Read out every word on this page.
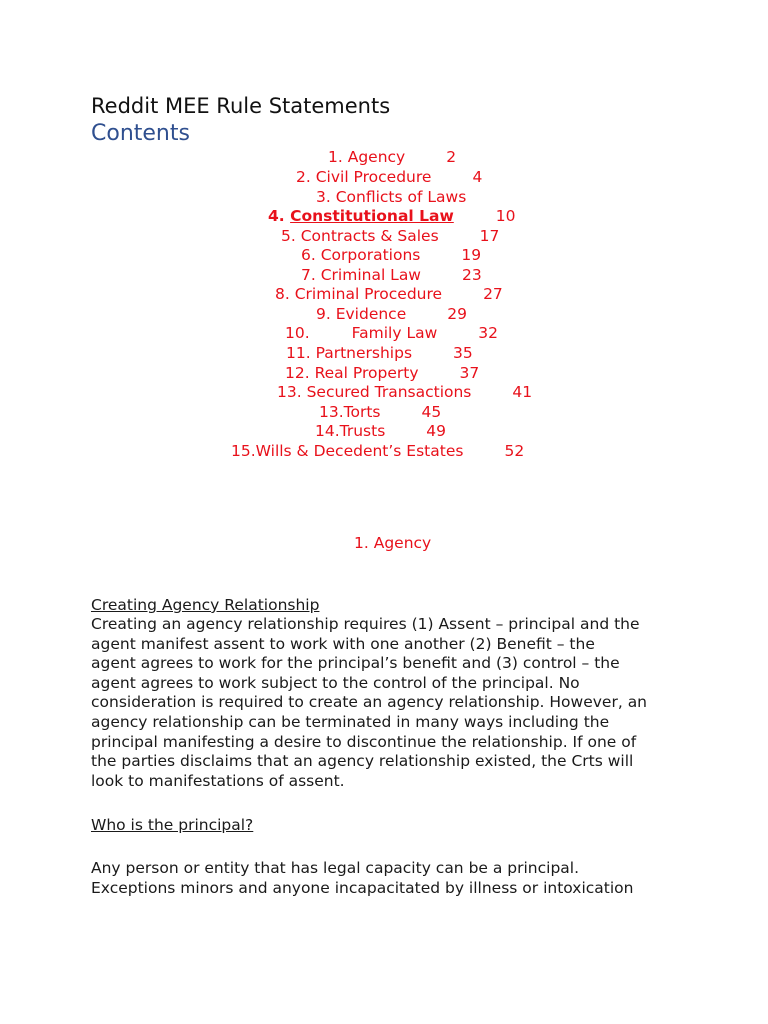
Reddit MEE Rule Statements
Contents
1. Agency	2
2. Civil Procedure	4
3. Conflicts of Laws
4. Constitutional Law	10
5. Contracts & Sales	17
6. Corporations	19
7. Criminal Law	23
8. Criminal Procedure	27
9. Evidence	29
10.	Family Law	32
11. Partnerships	35
12. Real Property	37
13. Secured Transactions	41
13.Torts	45
14.Trusts	49
15.Wills & Decedent’s Estates	52
1. Agency
Creating Agency Relationship

Creating an agency relationship requires (1) Assent – principal and the
agent manifest assent to work with one another (2) Benefit – the
agent agrees to work for the principal’s benefit and (3) control – the
agent agrees to work subject to the control of the principal. No
consideration is required to create an agency relationship. However, an
agency relationship can be terminated in many ways including the
principal manifesting a desire to discontinue the relationship. If one of
the parties disclaims that an agency relationship existed, the Crts will
look to manifestations of assent.

Who is the principal?

Any person or entity that has legal capacity can be a principal.
Exceptions minors and anyone incapacitated by illness or intoxication
